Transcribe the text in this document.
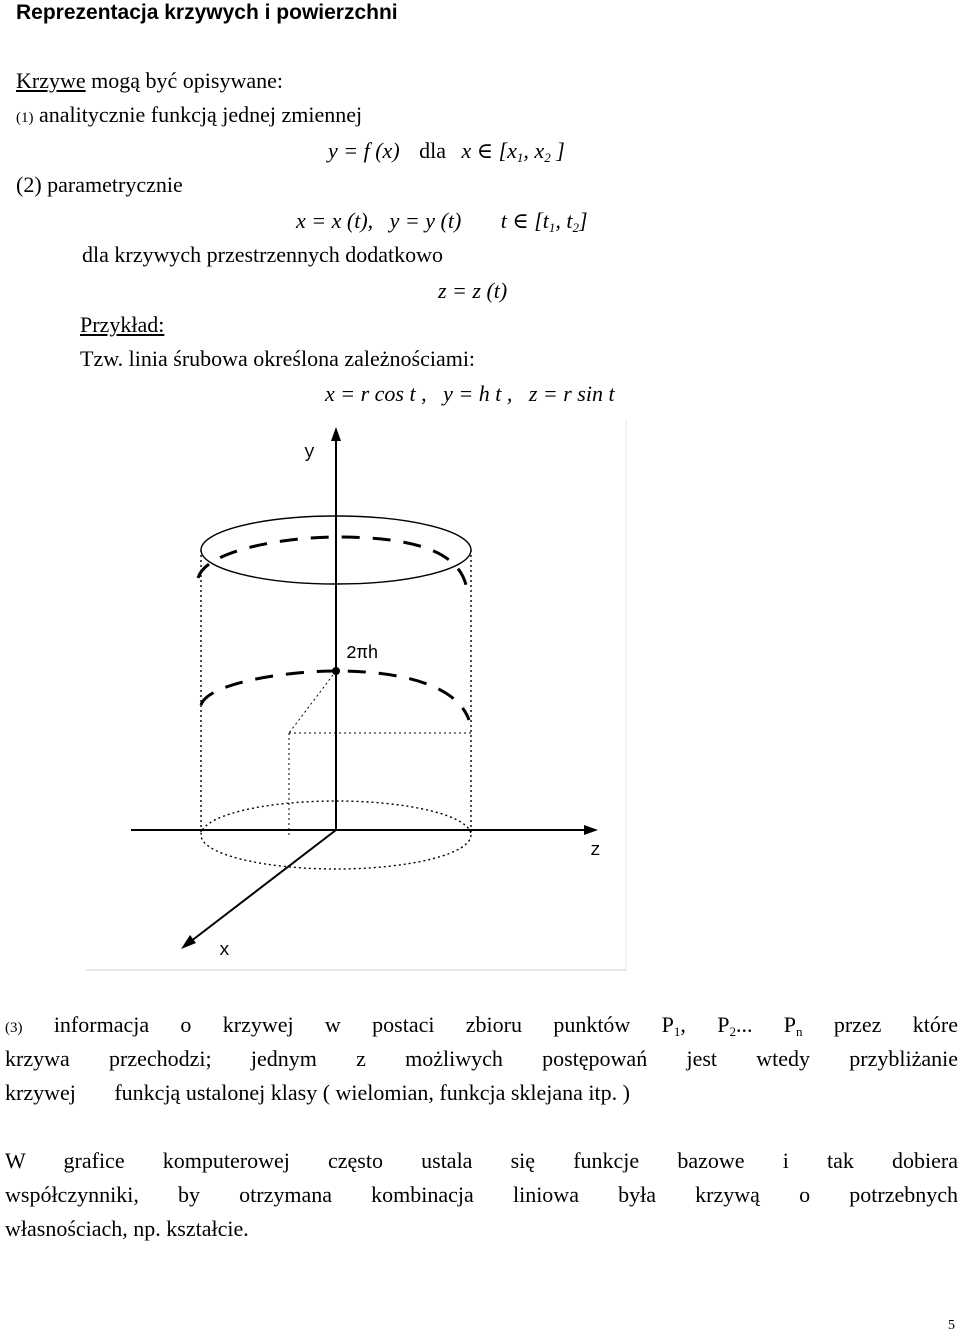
Reprezentacja krzywych i powierzchni
Krzywe mogą być opisywane:
(1) analitycznie funkcją jednej zmiennej
y = f (x) dla x ∈ [$x_1$, $x_2$ ]
(2) parametrycznie
x = x (t),   y = y (t) t ∈ [$t_1$, $t_2$]
dla krzywych przestrzennych dodatkowo
z = z (t)
Przykład:
Tzw. linia śrubowa określona zależnościami:
x = r cos t ,   y = h t ,   z = r sin t
y
z
x
2πh
(3) informacja o krzywej w postaci zbioru punktów $P_1$, $P_2$... $P_n$ przez które
krzywa przechodzi; jednym z możliwych postępowań jest wtedy przybliżanie
krzywej       funkcją ustalonej klasy ( wielomian, funkcja sklejana itp. )
W grafice komputerowej często ustala się funkcje bazowe i tak dobiera
współczynniki, by otrzymana kombinacja liniowa była krzywą o potrzebnych
własnościach, np. kształcie.
5
